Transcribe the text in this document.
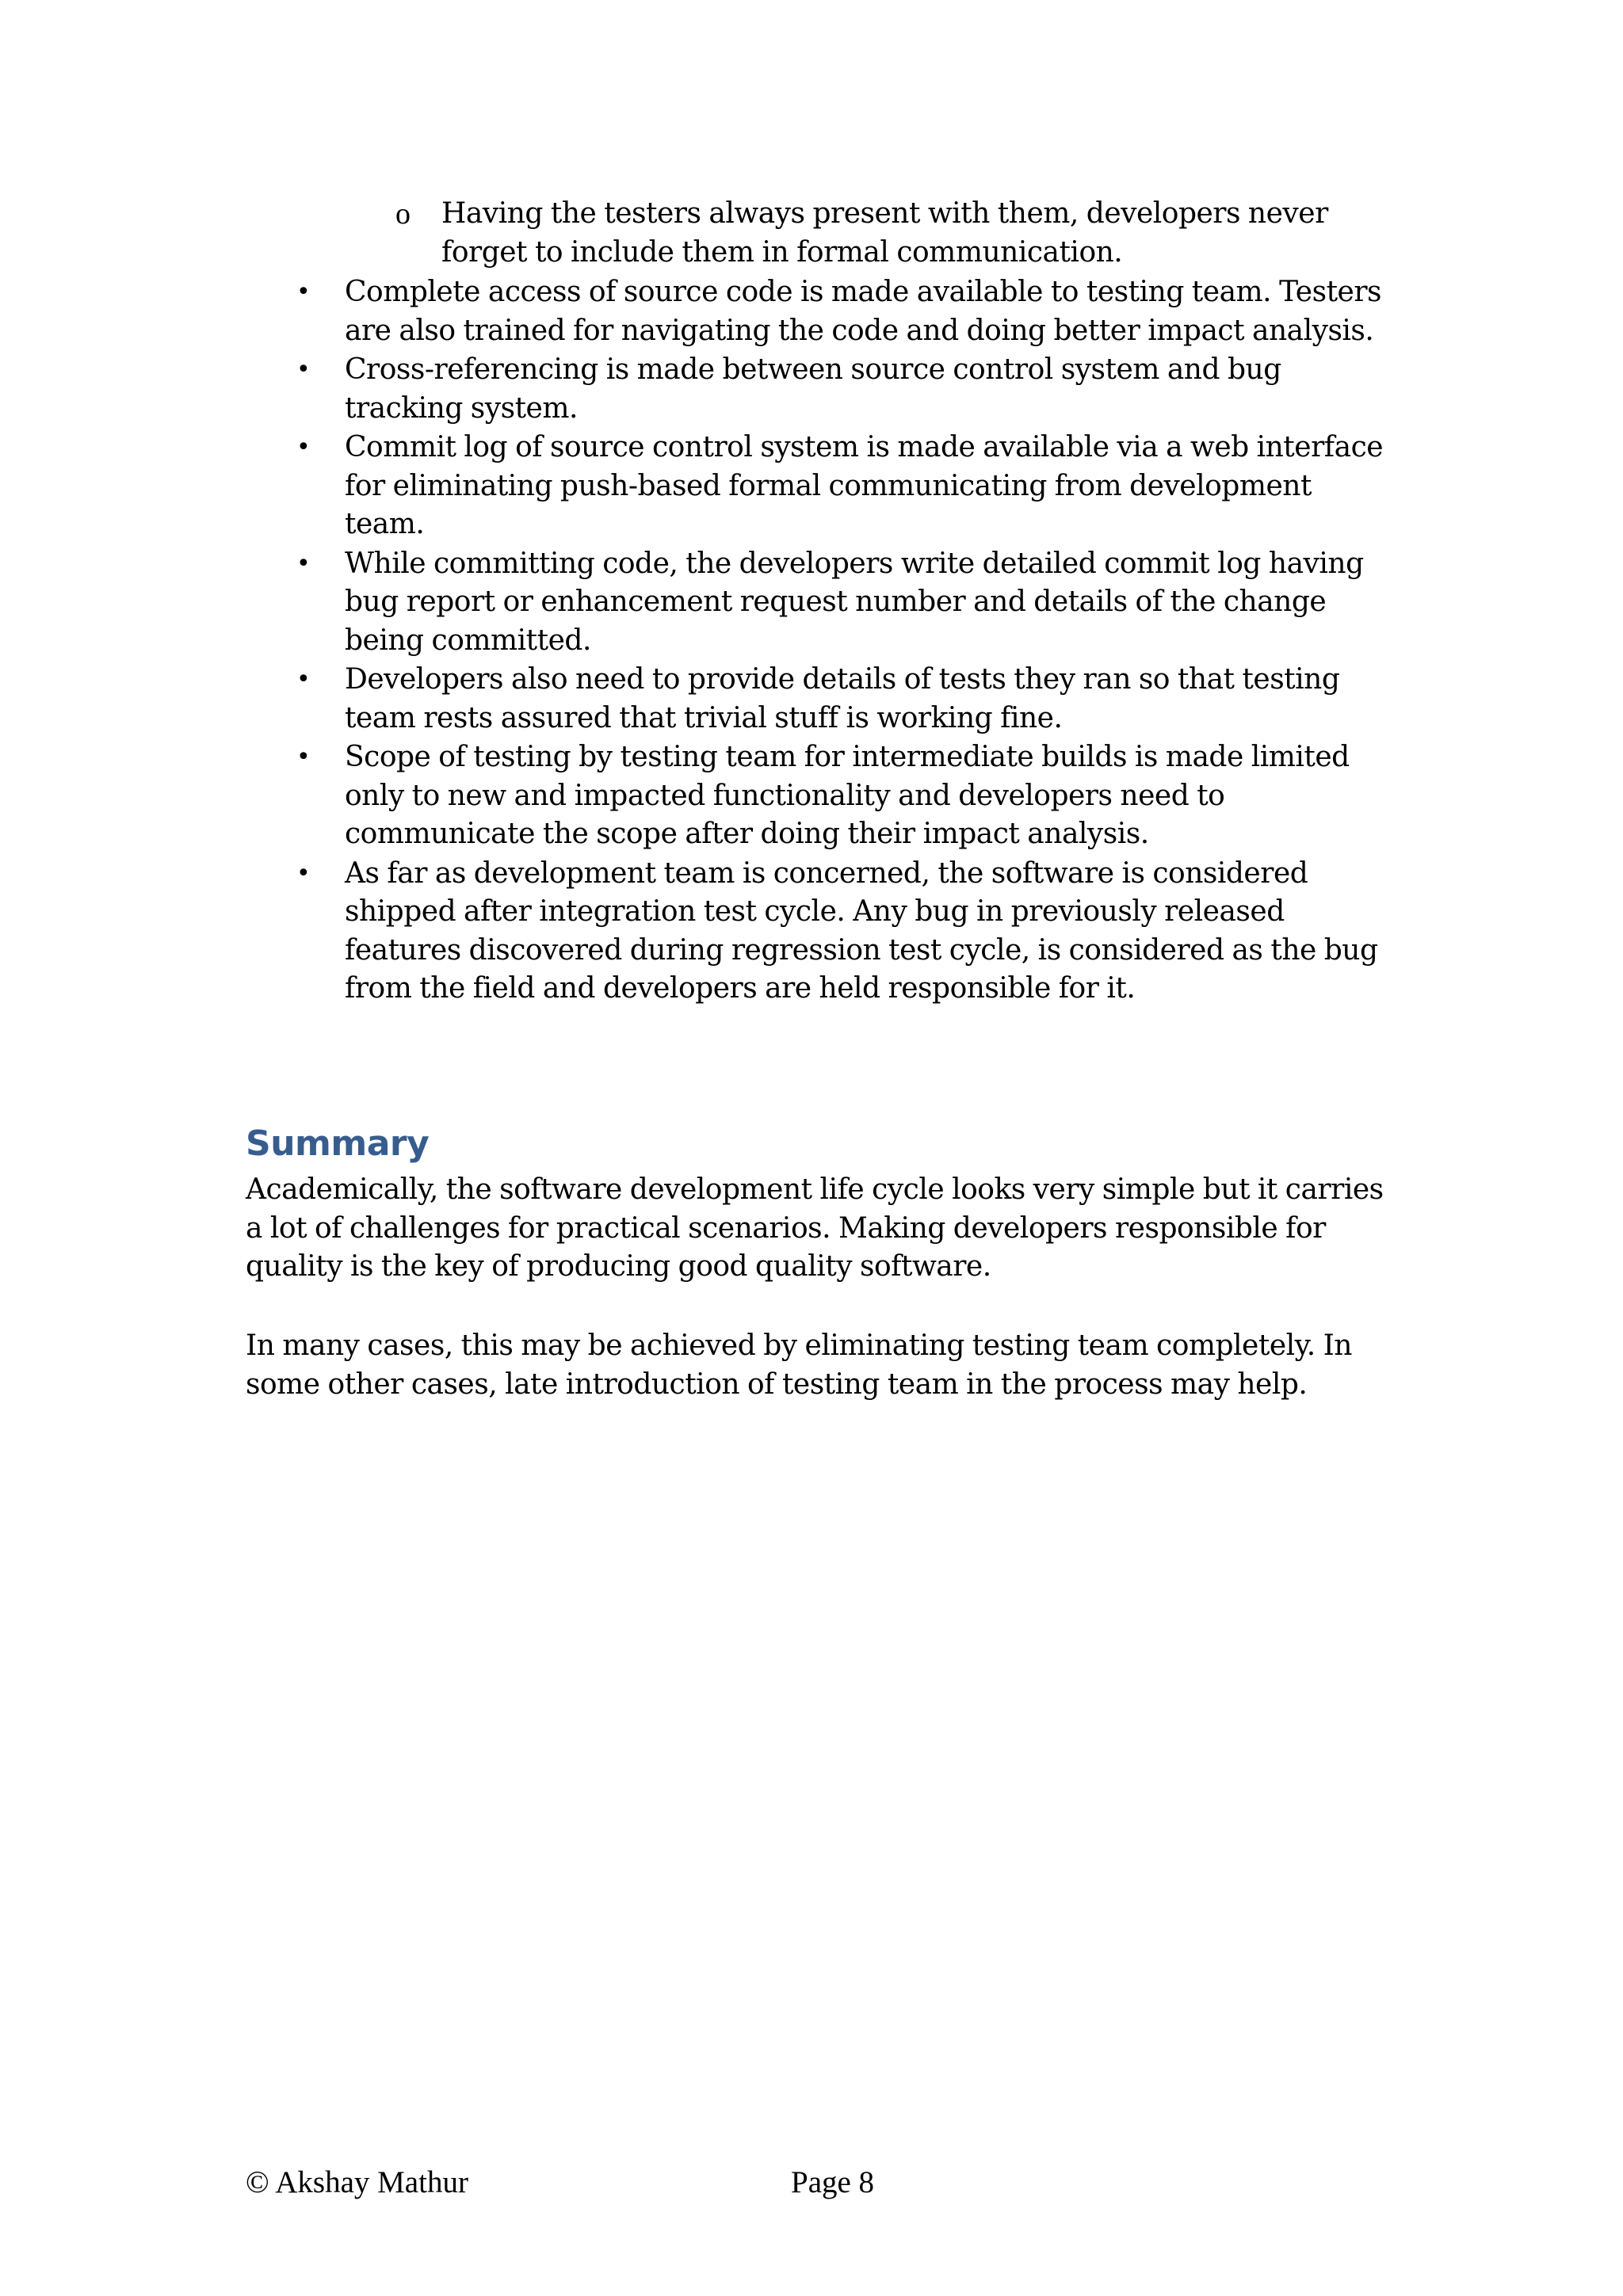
o Having the testers always present with them, developers never forget to include them in formal communication.
• Complete access of source code is made available to testing team. Testers are also trained for navigating the code and doing better impact analysis.
• Cross-referencing is made between source control system and bug tracking system.
• Commit log of source control system is made available via a web interface for eliminating push-based formal communicating from development team.
• While committing code, the developers write detailed commit log having bug report or enhancement request number and details of the change being committed.
• Developers also need to provide details of tests they ran so that testing team rests assured that trivial stuff is working fine.
• Scope of testing by testing team for intermediate builds is made limited only to new and impacted functionality and developers need to communicate the scope after doing their impact analysis.
• As far as development team is concerned, the software is considered shipped after integration test cycle. Any bug in previously released features discovered during regression test cycle, is considered as the bug from the field and developers are held responsible for it.
Summary

Academically, the software development life cycle looks very simple but it carries a lot of challenges for practical scenarios. Making developers responsible for quality is the key of producing good quality software.

In many cases, this may be achieved by eliminating testing team completely. In some other cases, late introduction of testing team in the process may help.

© Akshay Mathur	Page 8
